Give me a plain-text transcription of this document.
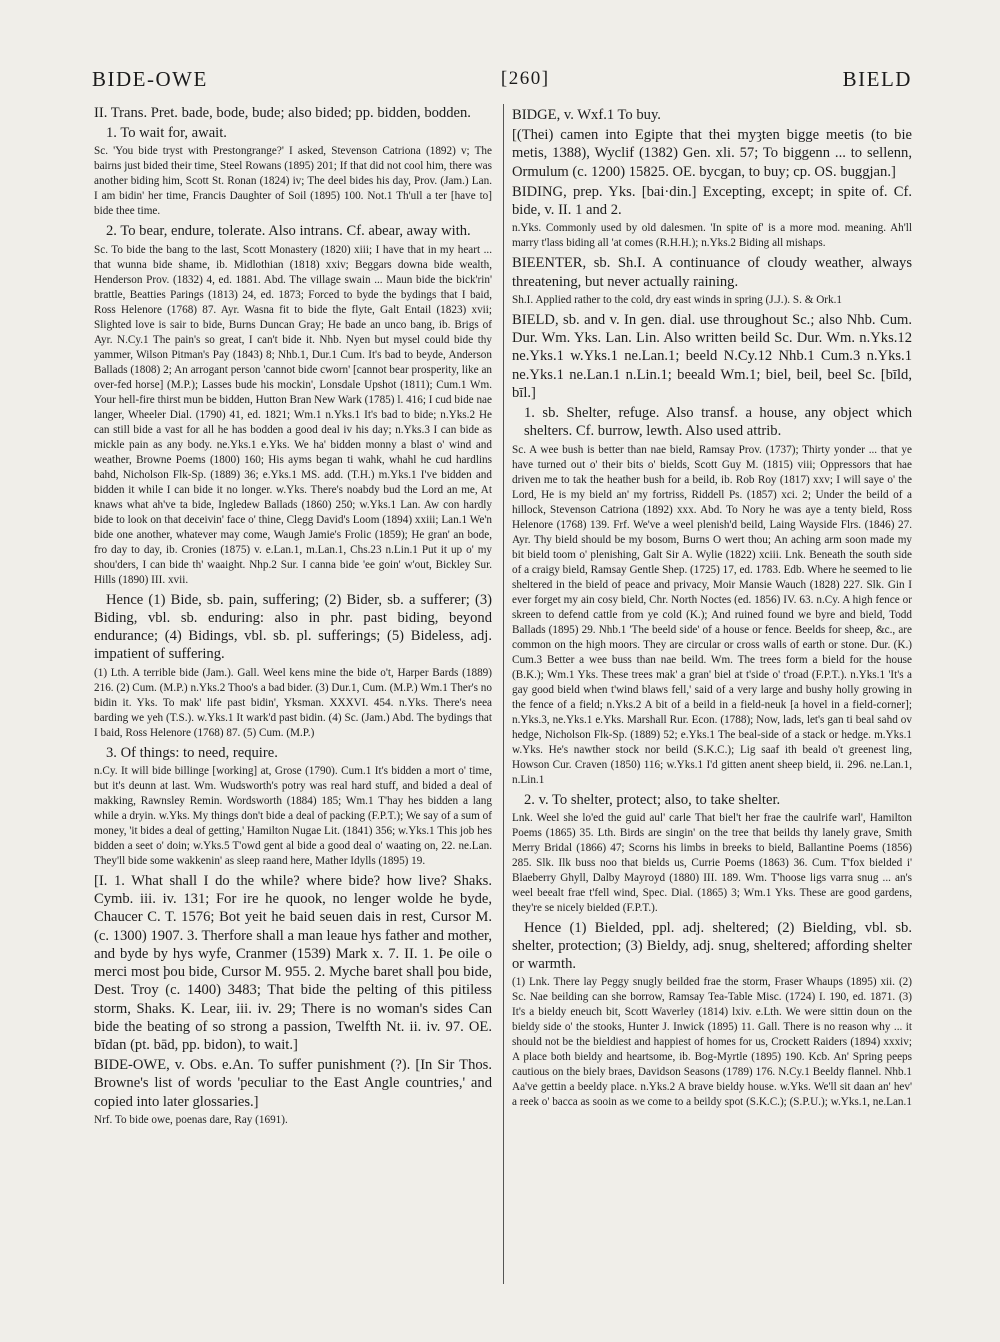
BIDE-OWE	[260]	BIELD

II. Trans. Pret. bade, bode, bude; also bided; pp. bidden, bodden.

1. To wait for, await.

Sc. 'You bide tryst with Prestongrange?' I asked, Stevenson Catriona (1892) v; The bairns just bided their time, Steel Rowans (1895) 201; If that did not cool him, there was another biding him, Scott St. Ronan (1824) iv; The deel bides his day, Prov. (Jam.) Lan. I am bidin' her time, Francis Daughter of Soil (1895) 100. Not.1 Th'ull a ter [have to] bide thee time.

2. To bear, endure, tolerate. Also intrans. Cf. abear, away with.

Sc. To bide the bang to the last, Scott Monastery (1820) xiii; I have that in my heart ... that wunna bide shame, ib. Midlothian (1818) xxiv; Beggars downa bide wealth, Henderson Prov. (1832) 4, ed. 1881. Abd. The village swain ... Maun bide the bick'rin' brattle, Beatties Parings (1813) 24, ed. 1873; Forced to byde the bydings that I baid, Ross Helenore (1768) 87. Ayr. Wasna fit to bide the flyte, Galt Entail (1823) xvii; Slighted love is sair to bide, Burns Duncan Gray; He bade an unco bang, ib. Brigs of Ayr. N.Cy.1 The pain's so great, I can't bide it. Nhb. Nyen but mysel could bide thy yammer, Wilson Pitman's Pay (1843) 8; Nhb.1, Dur.1 Cum. It's bad to beyde, Anderson Ballads (1808) 2; An arrogant person 'cannot bide cworn' [cannot bear prosperity, like an over-fed horse] (M.P.); Lasses bude his mockin', Lonsdale Upshot (1811); Cum.1 Wm. Your hell-fire thirst mun be bidden, Hutton Bran New Wark (1785) l. 416; I cud bide nae langer, Wheeler Dial. (1790) 41, ed. 1821; Wm.1 n.Yks.1 It's bad to bide; n.Yks.2 He can still bide a vast for all he has bodden a good deal iv his day; n.Yks.3 I can bide as mickle pain as any body. ne.Yks.1 e.Yks. We ha' bidden monny a blast o' wind and weather, Browne Poems (1800) 160; His ayms began ti wahk, whahl he cud hardlins bahd, Nicholson Flk-Sp. (1889) 36; e.Yks.1 MS. add. (T.H.) m.Yks.1 I've bidden and bidden it while I can bide it no longer. w.Yks. There's noabdy bud the Lord an me, At knaws what ah've ta bide, Ingledew Ballads (1860) 250; w.Yks.1 Lan. Aw con hardly bide to look on that deceivin' face o' thine, Clegg David's Loom (1894) xxiii; Lan.1 We'n bide one another, whatever may come, Waugh Jamie's Frolic (1859); He gran' an bode, fro day to day, ib. Cronies (1875) v. e.Lan.1, m.Lan.1, Chs.23 n.Lin.1 Put it up o' my shou'ders, I can bide th' waaight. Nhp.2 Sur. I canna bide 'ee goin' w'out, Bickley Sur. Hills (1890) III. xvii.

Hence (1) Bide, sb. pain, suffering; (2) Bider, sb. a sufferer; (3) Biding, vbl. sb. enduring: also in phr. past biding, beyond endurance; (4) Bidings, vbl. sb. pl. sufferings; (5) Bideless, adj. impatient of suffering.

(1) Lth. A terrible bide (Jam.). Gall. Weel kens mine the bide o't, Harper Bards (1889) 216. (2) Cum. (M.P.) n.Yks.2 Thoo's a bad bider. (3) Dur.1, Cum. (M.P.) Wm.1 Ther's no bidin it. Yks. To mak' life past bidin', Yksman. XXXVI. 454. n.Yks. There's neea barding we yeh (T.S.). w.Yks.1 It wark'd past bidin. (4) Sc. (Jam.) Abd. The bydings that I baid, Ross Helenore (1768) 87. (5) Cum. (M.P.)

3. Of things: to need, require.

n.Cy. It will bide billinge [working] at, Grose (1790). Cum.1 It's bidden a mort o' time, but it's deunn at last. Wm. Wudsworth's potry was real hard stuff, and bided a deal of makking, Rawnsley Remin. Wordsworth (1884) 185; Wm.1 T'hay hes bidden a lang while a dryin. w.Yks. My things don't bide a deal of packing (F.P.T.); We say of a sum of money, 'it bides a deal of getting,' Hamilton Nugae Lit. (1841) 356; w.Yks.1 This job hes bidden a seet o' doin; w.Yks.5 T'owd gent al bide a good deal o' waating on, 22. ne.Lan. They'll bide some wakkenin' as sleep raand here, Mather Idylls (1895) 19.

[I. 1. What shall I do the while? where bide? how live? Shaks. Cymb. iii. iv. 131; For ire he quook, no lenger wolde he byde, Chaucer C. T. 1576; Bot yeit he baid seuen dais in rest, Cursor M. (c. 1300) 1907. 3. Therfore shall a man leaue hys father and mother, and byde by hys wyfe, Cranmer (1539) Mark x. 7. II. 1. Þe oile o merci most þou bide, Cursor M. 955. 2. Myche baret shall þou bide, Dest. Troy (c. 1400) 3483; That bide the pelting of this pitiless storm, Shaks. K. Lear, iii. iv. 29; There is no woman's sides Can bide the beating of so strong a passion, Twelfth Nt. ii. iv. 97. OE. bīdan (pt. bād, pp. bidon), to wait.]

BIDE-OWE, v. Obs. e.An. To suffer punishment (?). [In Sir Thos. Browne's list of words 'peculiar to the East Angle countries,' and copied into later glossaries.]

Nrf. To bide owe, poenas dare, Ray (1691).

BIDGE, v. Wxf.1 To buy.

[(Thei) camen into Egipte that thei myȝten bigge meetis (to bie metis, 1388), Wyclif (1382) Gen. xli. 57; To biggenn ... to sellenn, Ormulum (c. 1200) 15825. OE. bycgan, to buy; cp. OS. buggjan.]

BIDING, prep. Yks. [bai·din.] Excepting, except; in spite of. Cf. bide, v. II. 1 and 2.

n.Yks. Commonly used by old dalesmen. 'In spite of' is a more mod. meaning. Ah'll marry t'lass biding all 'at comes (R.H.H.); n.Yks.2 Biding all mishaps.

BIEENTER, sb. Sh.I. A continuance of cloudy weather, always threatening, but never actually raining.

Sh.I. Applied rather to the cold, dry east winds in spring (J.J.). S. & Ork.1

BIELD, sb. and v. In gen. dial. use throughout Sc.; also Nhb. Cum. Dur. Wm. Yks. Lan. Lin. Also written beild Sc. Dur. Wm. n.Yks.12 ne.Yks.1 w.Yks.1 ne.Lan.1; beeld N.Cy.12 Nhb.1 Cum.3 n.Yks.1 ne.Yks.1 ne.Lan.1 n.Lin.1; beeald Wm.1; biel, beil, beel Sc. [bīld, bīl.]

1. sb. Shelter, refuge. Also transf. a house, any object which shelters. Cf. burrow, lewth. Also used attrib.

Sc. A wee bush is better than nae bield, Ramsay Prov. (1737); Thirty yonder ... that ye have turned out o' their bits o' bields, Scott Guy M. (1815) viii; Oppressors that hae driven me to tak the heather bush for a beild, ib. Rob Roy (1817) xxv; I will saye o' the Lord, He is my bield an' my fortriss, Riddell Ps. (1857) xci. 2; Under the beild of a hillock, Stevenson Catriona (1892) xxx. Abd. To Nory he was aye a tenty bield, Ross Helenore (1768) 139. Frf. We've a weel plenish'd beild, Laing Wayside Flrs. (1846) 27. Ayr. Thy bield should be my bosom, Burns O wert thou; An aching arm soon made my bit bield toom o' plenishing, Galt Sir A. Wylie (1822) xciii. Lnk. Beneath the south side of a craigy bield, Ramsay Gentle Shep. (1725) 17, ed. 1783. Edb. Where he seemed to lie sheltered in the bield of peace and privacy, Moir Mansie Wauch (1828) 227. Slk. Gin I ever forget my ain cosy bield, Chr. North Noctes (ed. 1856) IV. 63. n.Cy. A high fence or skreen to defend cattle from ye cold (K.); And ruined found we byre and bield, Todd Ballads (1895) 29. Nhb.1 'The beeld side' of a house or fence. Beelds for sheep, &c., are common on the high moors. They are circular or cross walls of earth or stone. Dur. (K.) Cum.3 Better a wee buss than nae beild. Wm. The trees form a bield for the house (B.K.); Wm.1 Yks. These trees mak' a gran' biel at t'side o' t'road (F.P.T.). n.Yks.1 'It's a gay good bield when t'wind blaws fell,' said of a very large and bushy holly growing in the fence of a field; n.Yks.2 A bit of a beild in a field-neuk [a hovel in a field-corner]; n.Yks.3, ne.Yks.1 e.Yks. Marshall Rur. Econ. (1788); Now, lads, let's gan ti beal sahd ov hedge, Nicholson Flk-Sp. (1889) 52; e.Yks.1 The beal-side of a stack or hedge. m.Yks.1 w.Yks. He's nawther stock nor beild (S.K.C.); Lig saaf ith beald o't greenest ling, Howson Cur. Craven (1850) 116; w.Yks.1 I'd gitten anent sheep bield, ii. 296. ne.Lan.1, n.Lin.1

2. v. To shelter, protect; also, to take shelter.

Lnk. Weel she lo'ed the guid aul' carle That biel't her frae the caulrife warl', Hamilton Poems (1865) 35. Lth. Birds are singin' on the tree that beilds thy lanely grave, Smith Merry Bridal (1866) 47; Scorns his limbs in breeks to bield, Ballantine Poems (1856) 285. Slk. Ilk buss noo that bields us, Currie Poems (1863) 36. Cum. T'fox bielded i' Blaeberry Ghyll, Dalby Mayroyd (1880) III. 189. Wm. T'hoose ligs varra snug ... an's weel beealt frae t'fell wind, Spec. Dial. (1865) 3; Wm.1 Yks. These are good gardens, they're se nicely bielded (F.P.T.).

Hence (1) Bielded, ppl. adj. sheltered; (2) Bielding, vbl. sb. shelter, protection; (3) Bieldy, adj. snug, sheltered; affording shelter or warmth.

(1) Lnk. There lay Peggy snugly beilded frae the storm, Fraser Whaups (1895) xii. (2) Sc. Nae beilding can she borrow, Ramsay Tea-Table Misc. (1724) I. 190, ed. 1871. (3) It's a bieldy eneuch bit, Scott Waverley (1814) lxiv. e.Lth. We were sittin doun on the bieldy side o' the stooks, Hunter J. Inwick (1895) 11. Gall. There is no reason why ... it should not be the bieldiest and happiest of homes for us, Crockett Raiders (1894) xxxiv; A place both bieldy and heartsome, ib. Bog-Myrtle (1895) 190. Kcb. An' Spring peeps cautious on the biely braes, Davidson Seasons (1789) 176. N.Cy.1 Beeldy flannel. Nhb.1 Aa've gettin a beeldy place. n.Yks.2 A brave bieldy house. w.Yks. We'll sit daan an' hev' a reek o' bacca as sooin as we come to a beildy spot (S.K.C.); (S.P.U.); w.Yks.1, ne.Lan.1
